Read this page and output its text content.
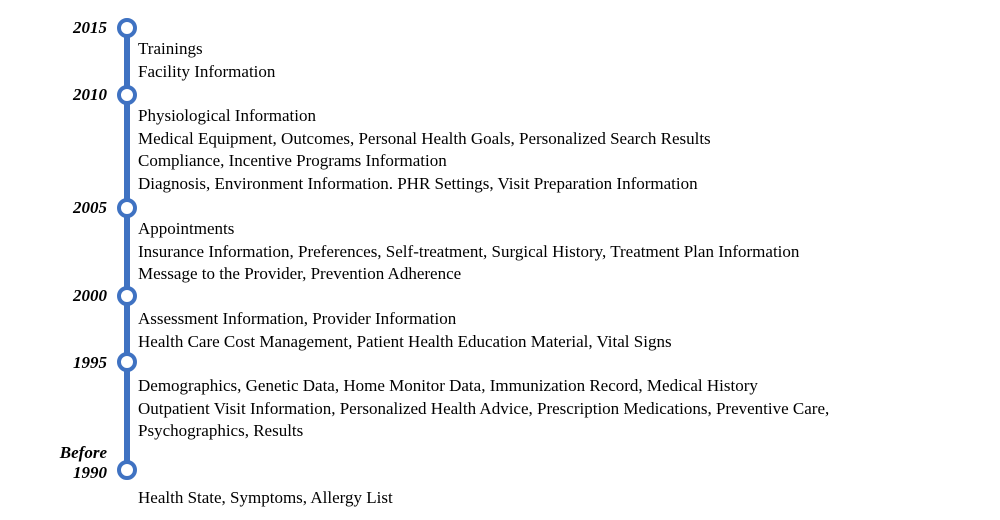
2015
Trainings
Facility Information
2010
Physiological Information
Medical Equipment, Outcomes, Personal Health Goals, Personalized Search Results
Compliance, Incentive Programs Information
Diagnosis, Environment Information. PHR Settings, Visit Preparation Information
2005
Appointments
Insurance Information, Preferences, Self-treatment, Surgical History, Treatment Plan Information
Message to the Provider, Prevention Adherence
2000
Assessment Information, Provider Information
Health Care Cost Management, Patient Health Education Material, Vital Signs
1995
Demographics, Genetic Data, Home Monitor Data, Immunization Record, Medical History
Outpatient Visit Information, Personalized Health Advice, Prescription Medications, Preventive Care,
Psychographics, Results
Before
1990
Health State, Symptoms, Allergy List
